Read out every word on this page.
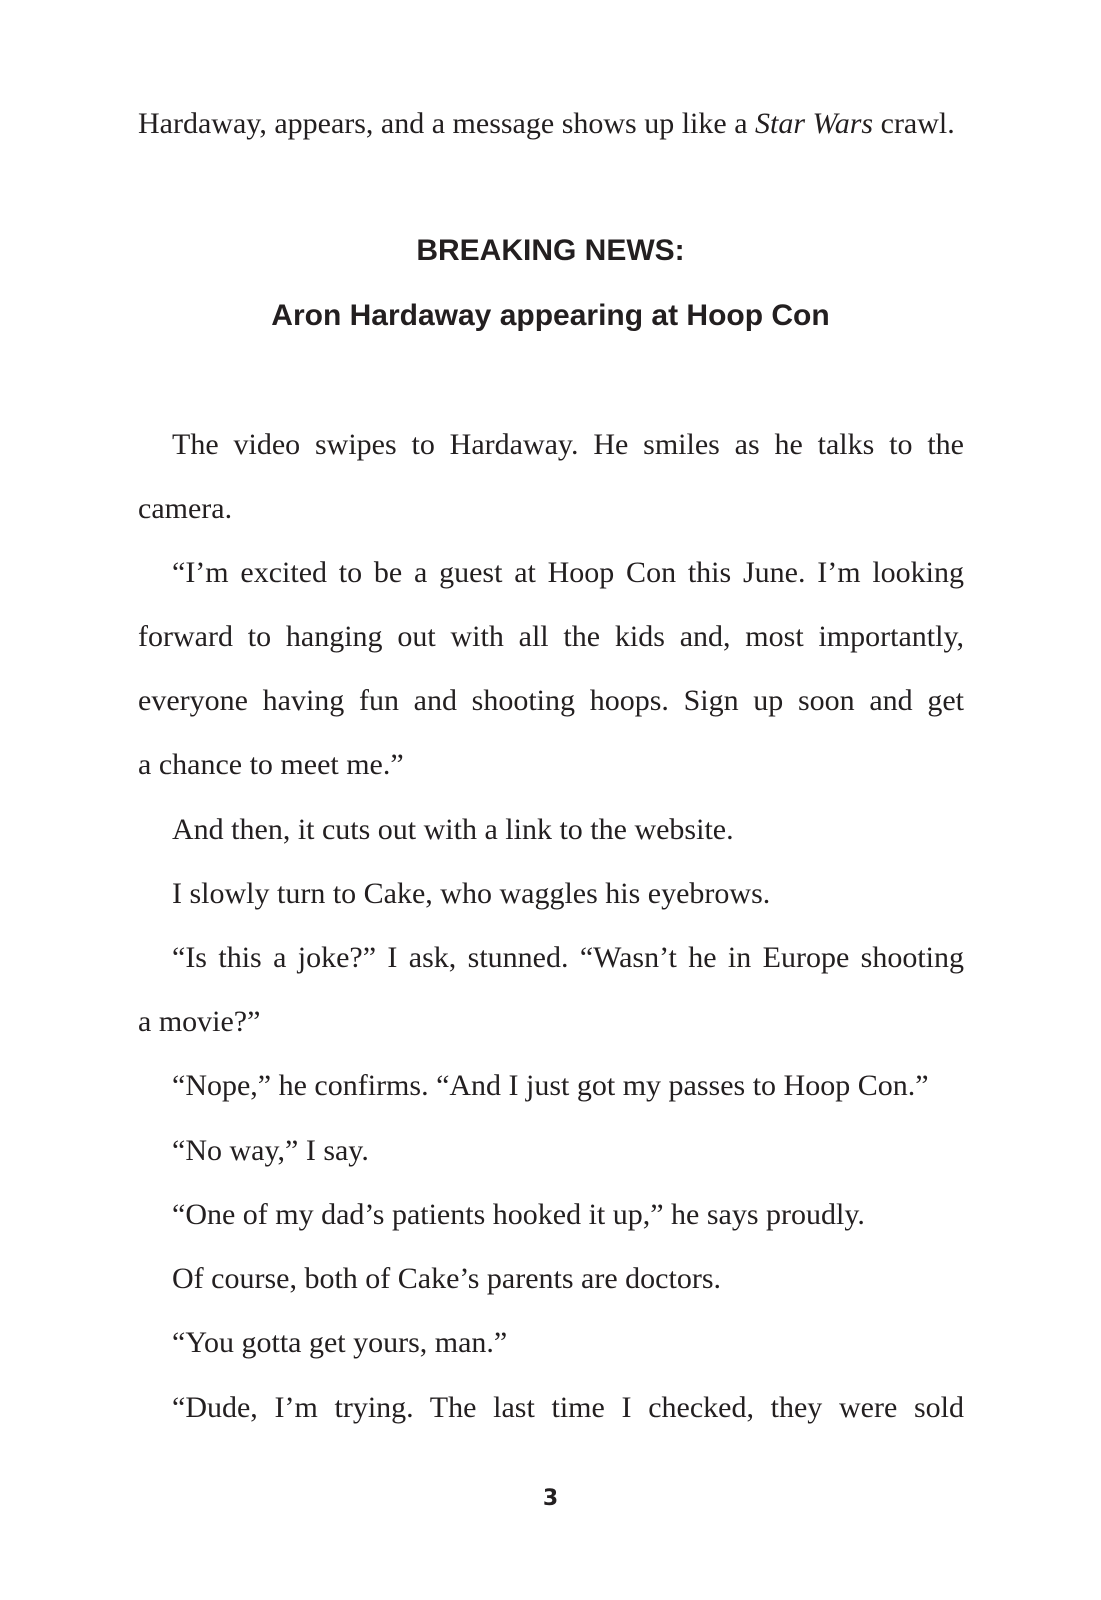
Hardaway, appears, and a message shows up like a Star Wars crawl.
BREAKING NEWS:
Aron Hardaway appearing at Hoop Con
The video swipes to Hardaway. He smiles as he talks to the
camera.
“I’m excited to be a guest at Hoop Con this June. I’m looking
forward to hanging out with all the kids and, most importantly,
everyone having fun and shooting hoops. Sign up soon and get
a chance to meet me.”
And then, it cuts out with a link to the website.
I slowly turn to Cake, who waggles his eyebrows.
“Is this a joke?” I ask, stunned. “Wasn’t he in Europe shooting
a movie?”
“Nope,” he confirms. “And I just got my passes to Hoop Con.”
“No way,” I say.
“One of my dad’s patients hooked it up,” he says proudly.
Of course, both of Cake’s parents are doctors.
“You gotta get yours, man.”
“Dude, I’m trying. The last time I checked, they were sold
3
